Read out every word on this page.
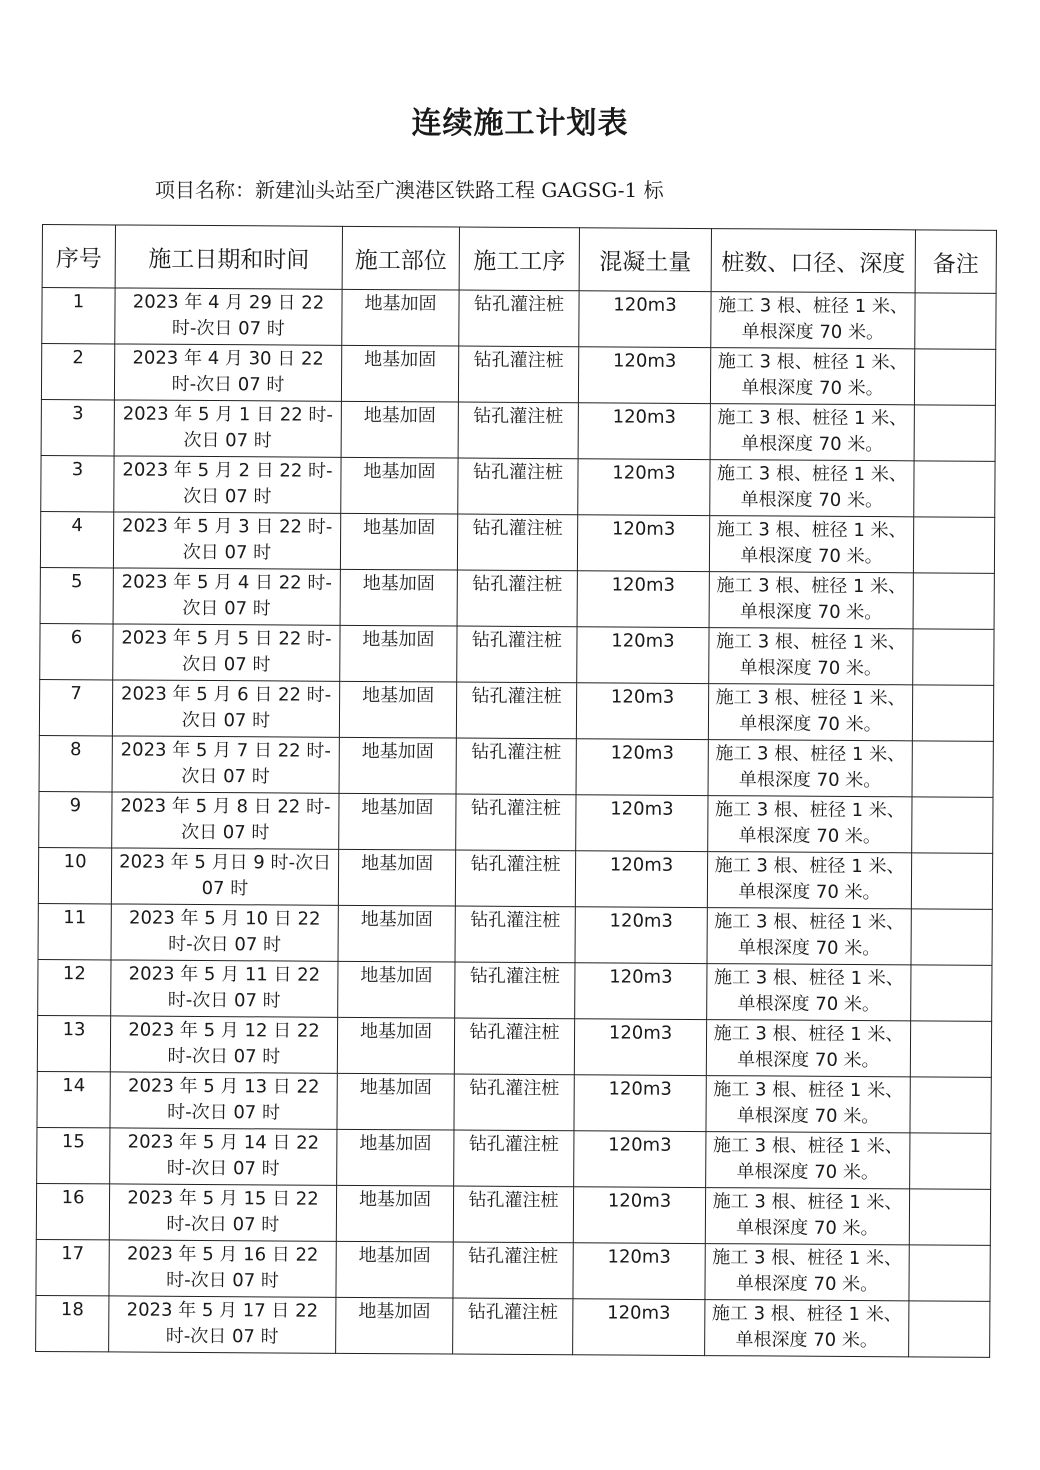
连续施工计划表
项目名称：新建汕头站至广澳港区铁路工程 GAGSG-1 标
序号	施工日期和时间	施工部位	施工工序	混凝土量	桩数、口径、深度	备注
1	2023 年 4 月 29 日 22 时-次日 07 时	地基加固	钻孔灌注桩	120m3	施工 3 根、桩径 1 米、单根深度 70 米。	
2	2023 年 4 月 30 日 22 时-次日 07 时	地基加固	钻孔灌注桩	120m3	施工 3 根、桩径 1 米、单根深度 70 米。	
3	2023 年 5 月 1 日 22 时-次日 07 时	地基加固	钻孔灌注桩	120m3	施工 3 根、桩径 1 米、单根深度 70 米。	
3	2023 年 5 月 2 日 22 时-次日 07 时	地基加固	钻孔灌注桩	120m3	施工 3 根、桩径 1 米、单根深度 70 米。	
4	2023 年 5 月 3 日 22 时-次日 07 时	地基加固	钻孔灌注桩	120m3	施工 3 根、桩径 1 米、单根深度 70 米。	
5	2023 年 5 月 4 日 22 时-次日 07 时	地基加固	钻孔灌注桩	120m3	施工 3 根、桩径 1 米、单根深度 70 米。	
6	2023 年 5 月 5 日 22 时-次日 07 时	地基加固	钻孔灌注桩	120m3	施工 3 根、桩径 1 米、单根深度 70 米。	
7	2023 年 5 月 6 日 22 时-次日 07 时	地基加固	钻孔灌注桩	120m3	施工 3 根、桩径 1 米、单根深度 70 米。	
8	2023 年 5 月 7 日 22 时-次日 07 时	地基加固	钻孔灌注桩	120m3	施工 3 根、桩径 1 米、单根深度 70 米。	
9	2023 年 5 月 8 日 22 时-次日 07 时	地基加固	钻孔灌注桩	120m3	施工 3 根、桩径 1 米、单根深度 70 米。	
10	2023 年 5 月日 9 时-次日 07 时	地基加固	钻孔灌注桩	120m3	施工 3 根、桩径 1 米、单根深度 70 米。	
11	2023 年 5 月 10 日 22 时-次日 07 时	地基加固	钻孔灌注桩	120m3	施工 3 根、桩径 1 米、单根深度 70 米。	
12	2023 年 5 月 11 日 22 时-次日 07 时	地基加固	钻孔灌注桩	120m3	施工 3 根、桩径 1 米、单根深度 70 米。	
13	2023 年 5 月 12 日 22 时-次日 07 时	地基加固	钻孔灌注桩	120m3	施工 3 根、桩径 1 米、单根深度 70 米。	
14	2023 年 5 月 13 日 22 时-次日 07 时	地基加固	钻孔灌注桩	120m3	施工 3 根、桩径 1 米、单根深度 70 米。	
15	2023 年 5 月 14 日 22 时-次日 07 时	地基加固	钻孔灌注桩	120m3	施工 3 根、桩径 1 米、单根深度 70 米。	
16	2023 年 5 月 15 日 22 时-次日 07 时	地基加固	钻孔灌注桩	120m3	施工 3 根、桩径 1 米、单根深度 70 米。	
17	2023 年 5 月 16 日 22 时-次日 07 时	地基加固	钻孔灌注桩	120m3	施工 3 根、桩径 1 米、单根深度 70 米。	
18	2023 年 5 月 17 日 22 时-次日 07 时	地基加固	钻孔灌注桩	120m3	施工 3 根、桩径 1 米、单根深度 70 米。	
